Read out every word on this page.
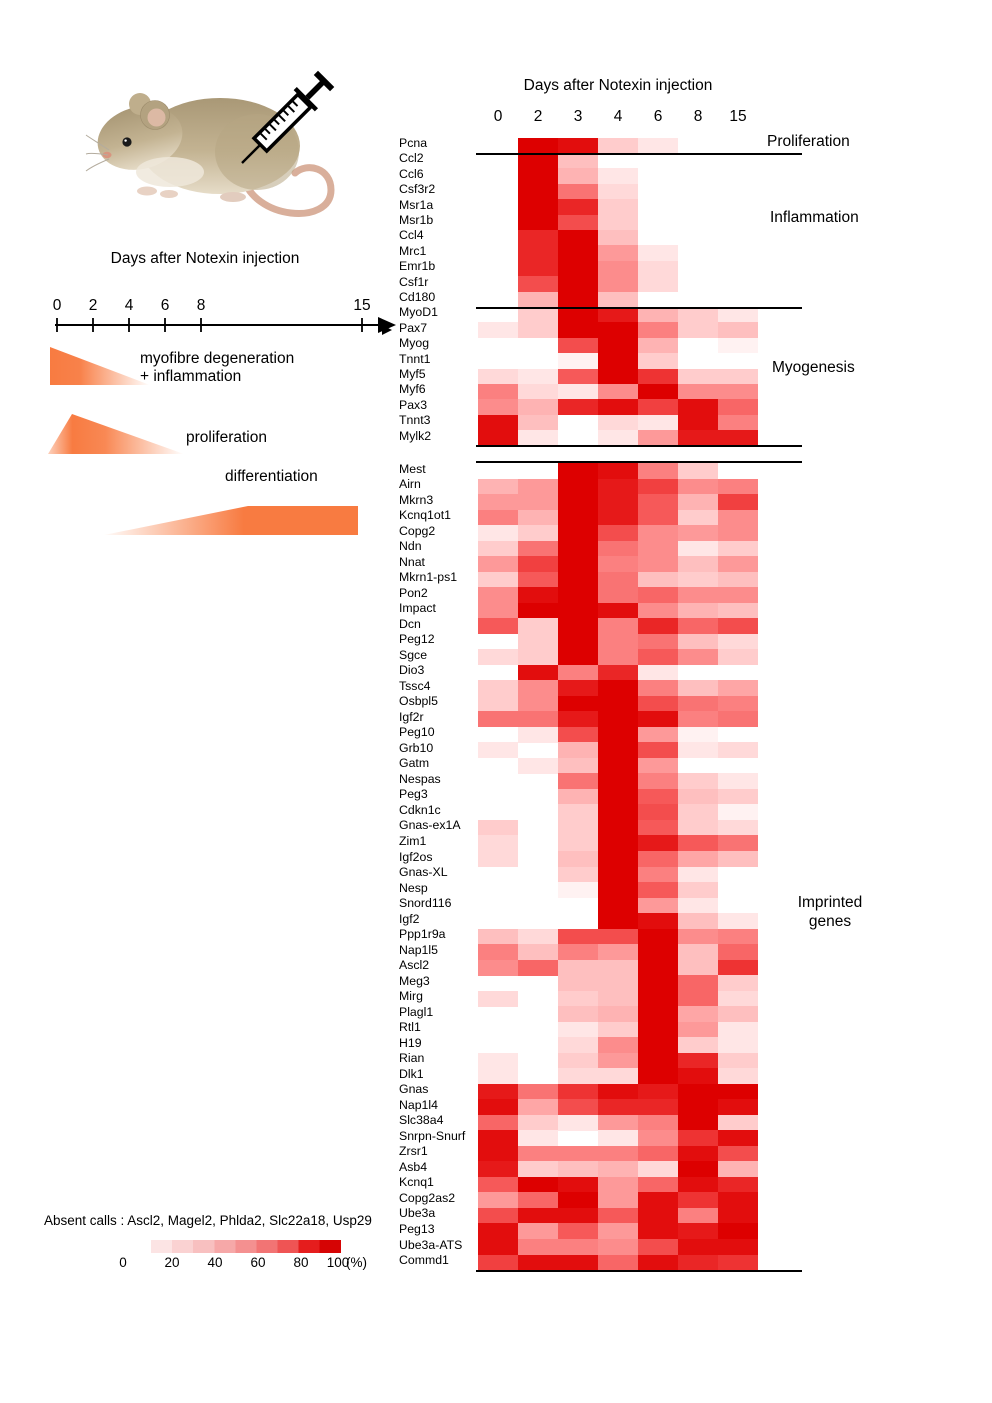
Days after Notexin injection
0 2 4 6 8	15
myofibre degeneration
+ inflammation
proliferation
differentiation
Absent calls : Ascl2, Magel2, Phlda2, Slc22a18, Usp29
(%)
Days after Notexin injection
Pcna
Ccl2
Ccl6
Csf3r2
Msr1a
Msr1b
Ccl4
Mrc1
Emr1b
Csf1r
Cd180
MyoD1
Pax7
Myog
Tnnt1
Myf5
Myf6
Pax3
Tnnt3
Mylk2
Mest
Airn
Mkrn3
Kcnq1ot1
Copg2
Ndn
Nnat
Mkrn1-ps1
Pon2
Impact
Dcn
Peg12
Sgce
Dio3
Tssc4
Osbpl5
Igf2r
Peg10
Grb10
Gatm
Nespas
Peg3
Cdkn1c
Gnas-ex1A
Zim1
Igf2os
Gnas-XL
Nesp
Snord116
Igf2
Ppp1r9a
Nap1l5
Ascl2
Meg3
Mirg
Plagl1
Rtl1
H19
Rian
Dlk1
Gnas
Nap1l4
Slc38a4
Snrpn-Snurf
Zrsr1
Asb4
Kcnq1
Copg2as2
Ube3a
Peg13
Ube3a-ATS
Commd1
0	2	3	4	6	8	15
Proliferation
Inflammation
Myogenesis
Imprinted genes
0	20	40	60	80	100
